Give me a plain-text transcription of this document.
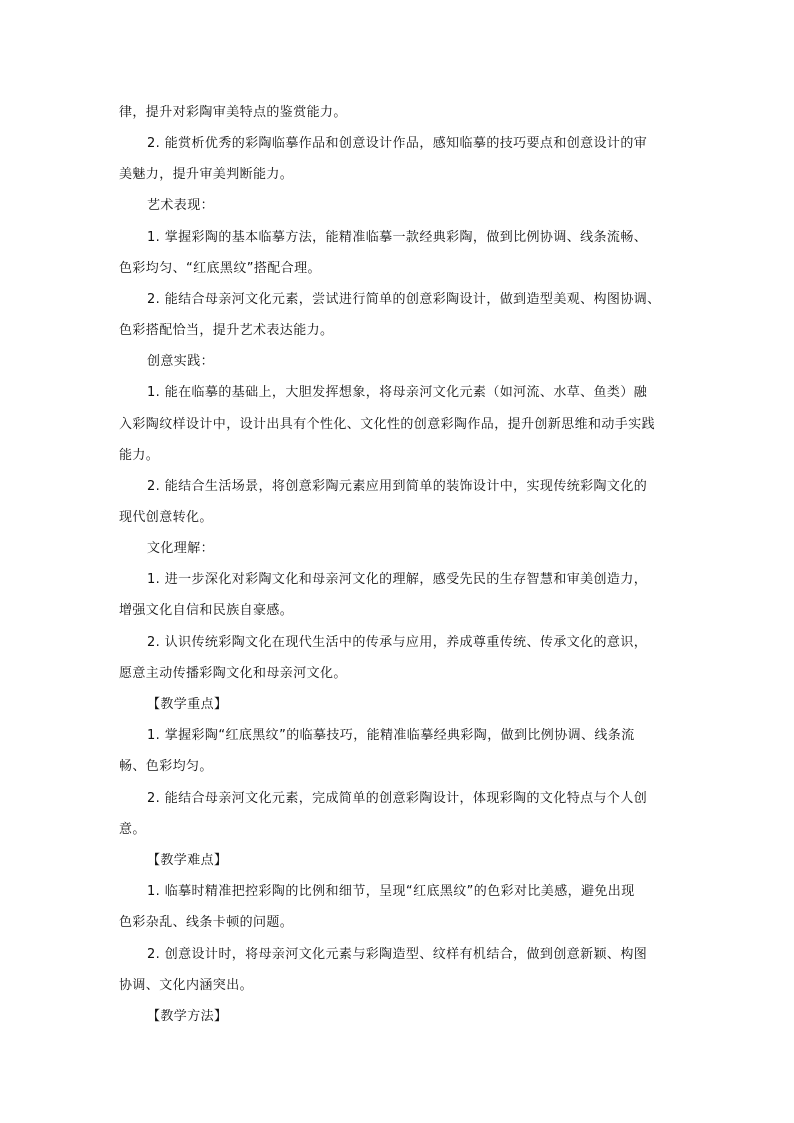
律，提升对彩陶审美特点的鉴赏能力。
2. 能赏析优秀的彩陶临摹作品和创意设计作品，感知临摹的技巧要点和创意设计的审
美魅力，提升审美判断能力。
艺术表现：
1. 掌握彩陶的基本临摹方法，能精准临摹一款经典彩陶，做到比例协调、线条流畅、
色彩均匀、“红底黑纹”搭配合理。
2. 能结合母亲河文化元素，尝试进行简单的创意彩陶设计，做到造型美观、构图协调、
色彩搭配恰当，提升艺术表达能力。
创意实践：
1. 能在临摹的基础上，大胆发挥想象，将母亲河文化元素（如河流、水草、鱼类）融
入彩陶纹样设计中，设计出具有个性化、文化性的创意彩陶作品，提升创新思维和动手实践
能力。
2. 能结合生活场景，将创意彩陶元素应用到简单的装饰设计中，实现传统彩陶文化的
现代创意转化。
文化理解：
1. 进一步深化对彩陶文化和母亲河文化的理解，感受先民的生存智慧和审美创造力，
增强文化自信和民族自豪感。
2. 认识传统彩陶文化在现代生活中的传承与应用，养成尊重传统、传承文化的意识，
愿意主动传播彩陶文化和母亲河文化。
【教学重点】
1. 掌握彩陶“红底黑纹”的临摹技巧，能精准临摹经典彩陶，做到比例协调、线条流
畅、色彩均匀。
2. 能结合母亲河文化元素，完成简单的创意彩陶设计，体现彩陶的文化特点与个人创
意。
【教学难点】
1. 临摹时精准把控彩陶的比例和细节，呈现“红底黑纹”的色彩对比美感，避免出现
色彩杂乱、线条卡顿的问题。
2. 创意设计时，将母亲河文化元素与彩陶造型、纹样有机结合，做到创意新颖、构图
协调、文化内涵突出。
【教学方法】
